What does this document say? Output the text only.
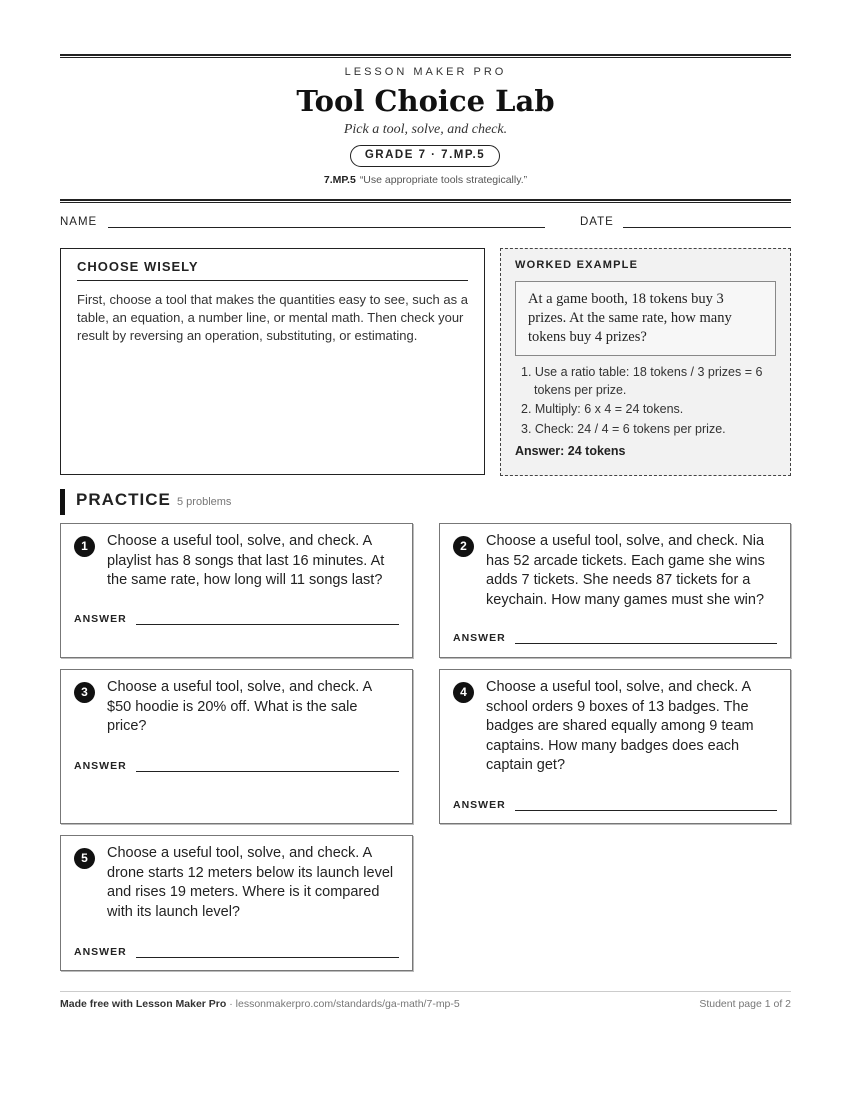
LESSON MAKER PRO
Tool Choice Lab
Pick a tool, solve, and check.
GRADE 7 · 7.MP.5
7.MP.5 “Use appropriate tools strategically.”
NAME	DATE
CHOOSE WISELY
First, choose a tool that makes the quantities easy to see, such as a table, an equation, a number line, or mental math. Then check your result by reversing an operation, substituting, or estimating.
WORKED EXAMPLE
At a game booth, 18 tokens buy 3 prizes. At the same rate, how many tokens buy 4 prizes?
1. Use a ratio table: 18 tokens / 3 prizes = 6 tokens per prize.
2. Multiply: 6 x 4 = 24 tokens.
3. Check: 24 / 4 = 6 tokens per prize.
Answer: 24 tokens
PRACTICE 5 problems
1	Choose a useful tool, solve, and check. A playlist has 8 songs that last 16 minutes. At the same rate, how long will 11 songs last?
ANSWER
2	Choose a useful tool, solve, and check. Nia has 52 arcade tickets. Each game she wins adds 7 tickets. She needs 87 tickets for a keychain. How many games must she win?
ANSWER
3	Choose a useful tool, solve, and check. A $50 hoodie is 20% off. What is the sale price?
ANSWER
4	Choose a useful tool, solve, and check. A school orders 9 boxes of 13 badges. The badges are shared equally among 9 team captains. How many badges does each captain get?
ANSWER
5	Choose a useful tool, solve, and check. A drone starts 12 meters below its launch level and rises 19 meters. Where is it compared with its launch level?
ANSWER
Made free with Lesson Maker Pro · lessonmakerpro.com/standards/ga-math/7-mp-5	Student page 1 of 2
